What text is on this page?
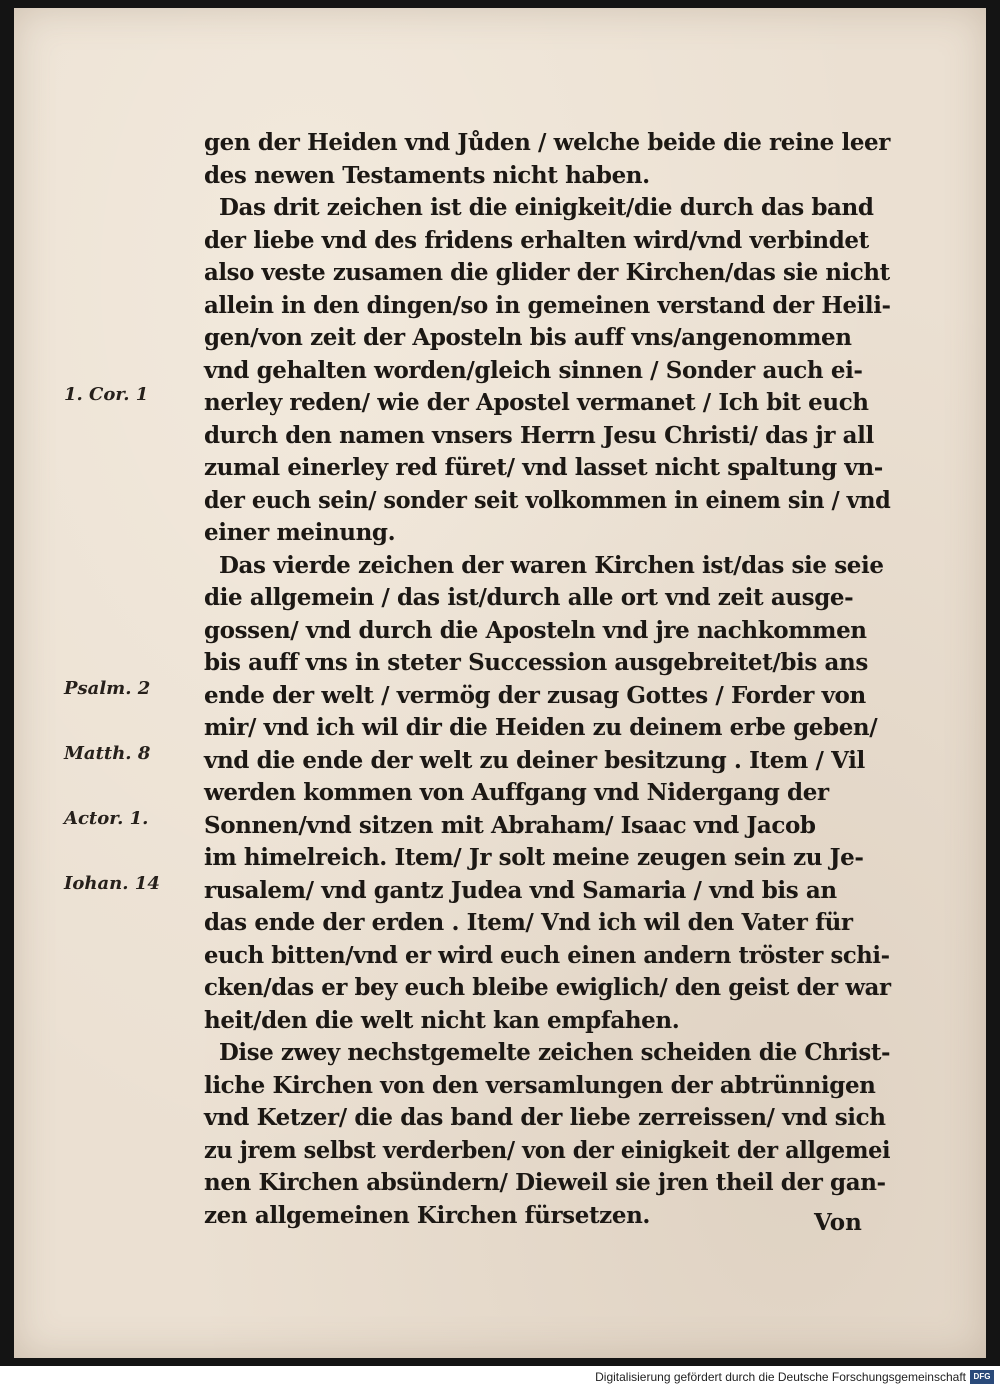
gen der Heiden vnd Jůden / welche beide die reine leer

des newen Testaments nicht haben.

Das drit zeichen ist die einigkeit/die durch das band

der liebe vnd des fridens erhalten wird/vnd verbindet

also veste zusamen die glider der Kirchen/das sie nicht

allein in den dingen/so in gemeinen verstand der Heili-

gen/von zeit der Aposteln bis auff vns/angenommen

vnd gehalten worden/gleich sinnen / Sonder auch ei-

nerley reden/ wie der Apostel vermanet / Ich bit euch

durch den namen vnsers Herrn Jesu Christi/ das jr all

zumal einerley red füret/ vnd lasset nicht spaltung vn-

der euch sein/ sonder seit volkommen in einem sin / vnd

einer meinung.

Das vierde zeichen der waren Kirchen ist/das sie seie

die allgemein / das ist/durch alle ort vnd zeit ausge-

gossen/ vnd durch die Aposteln vnd jre nachkommen

bis auff vns in steter Succession ausgebreitet/bis ans

ende der welt / vermög der zusag Gottes / Forder von

mir/ vnd ich wil dir die Heiden zu deinem erbe geben/

vnd die ende der welt zu deiner besitzung . Item / Vil

werden kommen von Auffgang vnd Nidergang der

Sonnen/vnd sitzen mit Abraham/ Isaac vnd Jacob

im himelreich. Item/ Jr solt meine zeugen sein zu Je-

rusalem/ vnd gantz Judea vnd Samaria / vnd bis an

das ende der erden . Item/ Vnd ich wil den Vater für

euch bitten/vnd er wird euch einen andern tröster schi-

cken/das er bey euch bleibe ewiglich/ den geist der war

heit/den die welt nicht kan empfahen.

Dise zwey nechstgemelte zeichen scheiden die Christ-

liche Kirchen von den versamlungen der abtrünnigen

vnd Ketzer/ die das band der liebe zerreissen/ vnd sich

zu jrem selbst verderben/ von der einigkeit der allgemei

nen Kirchen absündern/ Dieweil sie jren theil der gan-

zen allgemeinen Kirchen fürsetzen.

1. Cor. 1

Psalm. 2

Matth. 8

Actor. 1.

Iohan. 14

Von

Digitalisierung gefördert durch die Deutsche Forschungsgemeinschaft DFG
